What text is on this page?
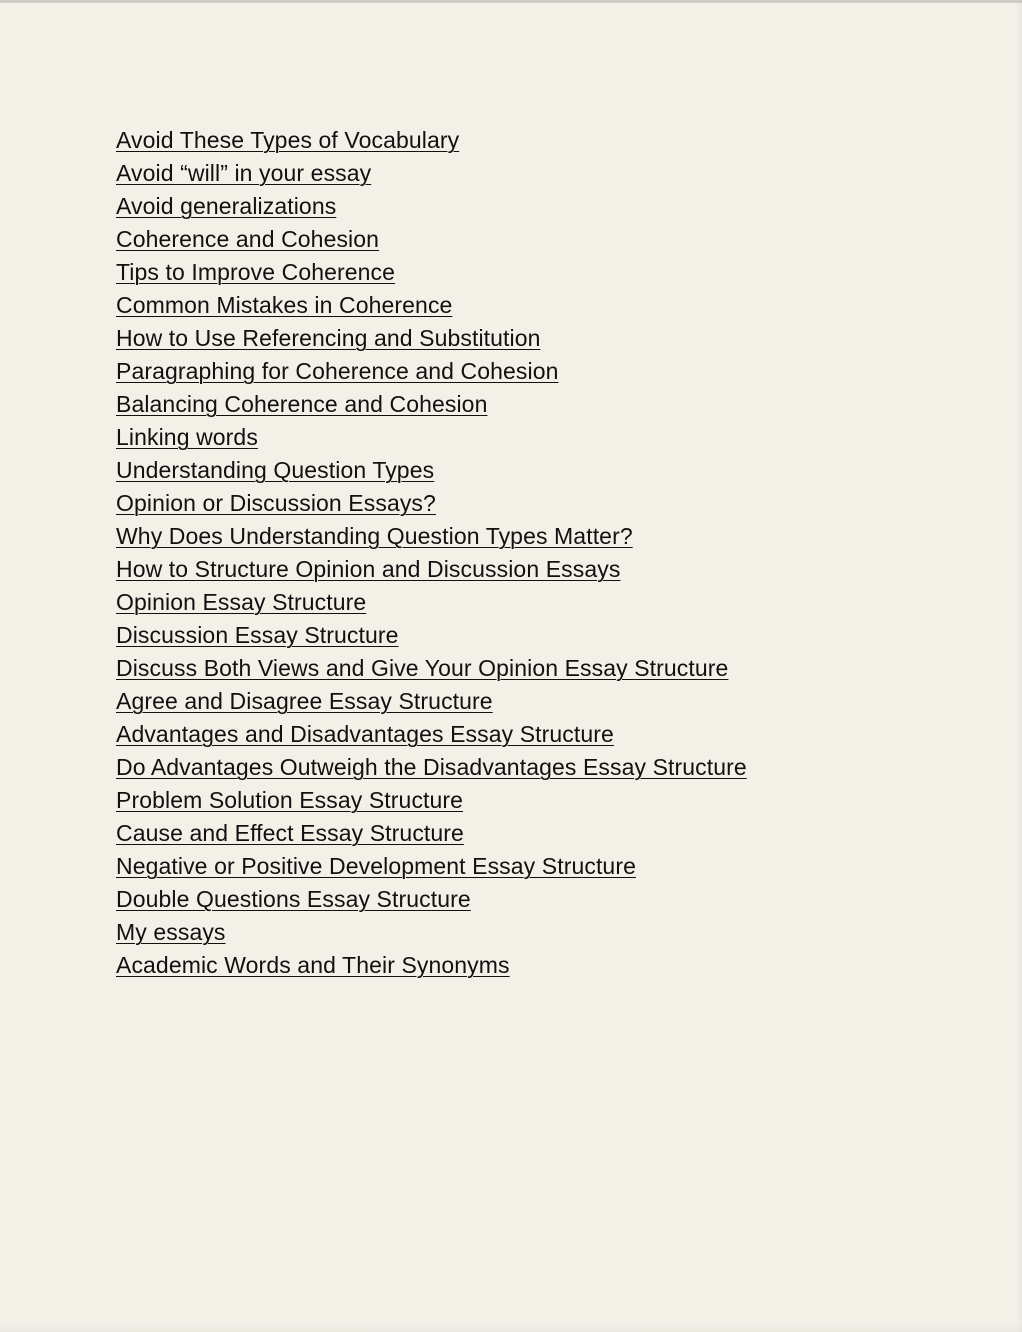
Avoid These Types of Vocabulary
Avoid “will” in your essay
Avoid generalizations
Coherence and Cohesion
Tips to Improve Coherence
Common Mistakes in Coherence
How to Use Referencing and Substitution
Paragraphing for Coherence and Cohesion
Balancing Coherence and Cohesion
Linking words
Understanding Question Types
Opinion or Discussion Essays?
Why Does Understanding Question Types Matter?
How to Structure Opinion and Discussion Essays
Opinion Essay Structure
Discussion Essay Structure
Discuss Both Views and Give Your Opinion Essay Structure
Agree and Disagree Essay Structure
Advantages and Disadvantages Essay Structure
Do Advantages Outweigh the Disadvantages Essay Structure
Problem Solution Essay Structure
Cause and Effect Essay Structure
Negative or Positive Development Essay Structure
Double Questions Essay Structure
My essays
Academic Words and Their Synonyms
